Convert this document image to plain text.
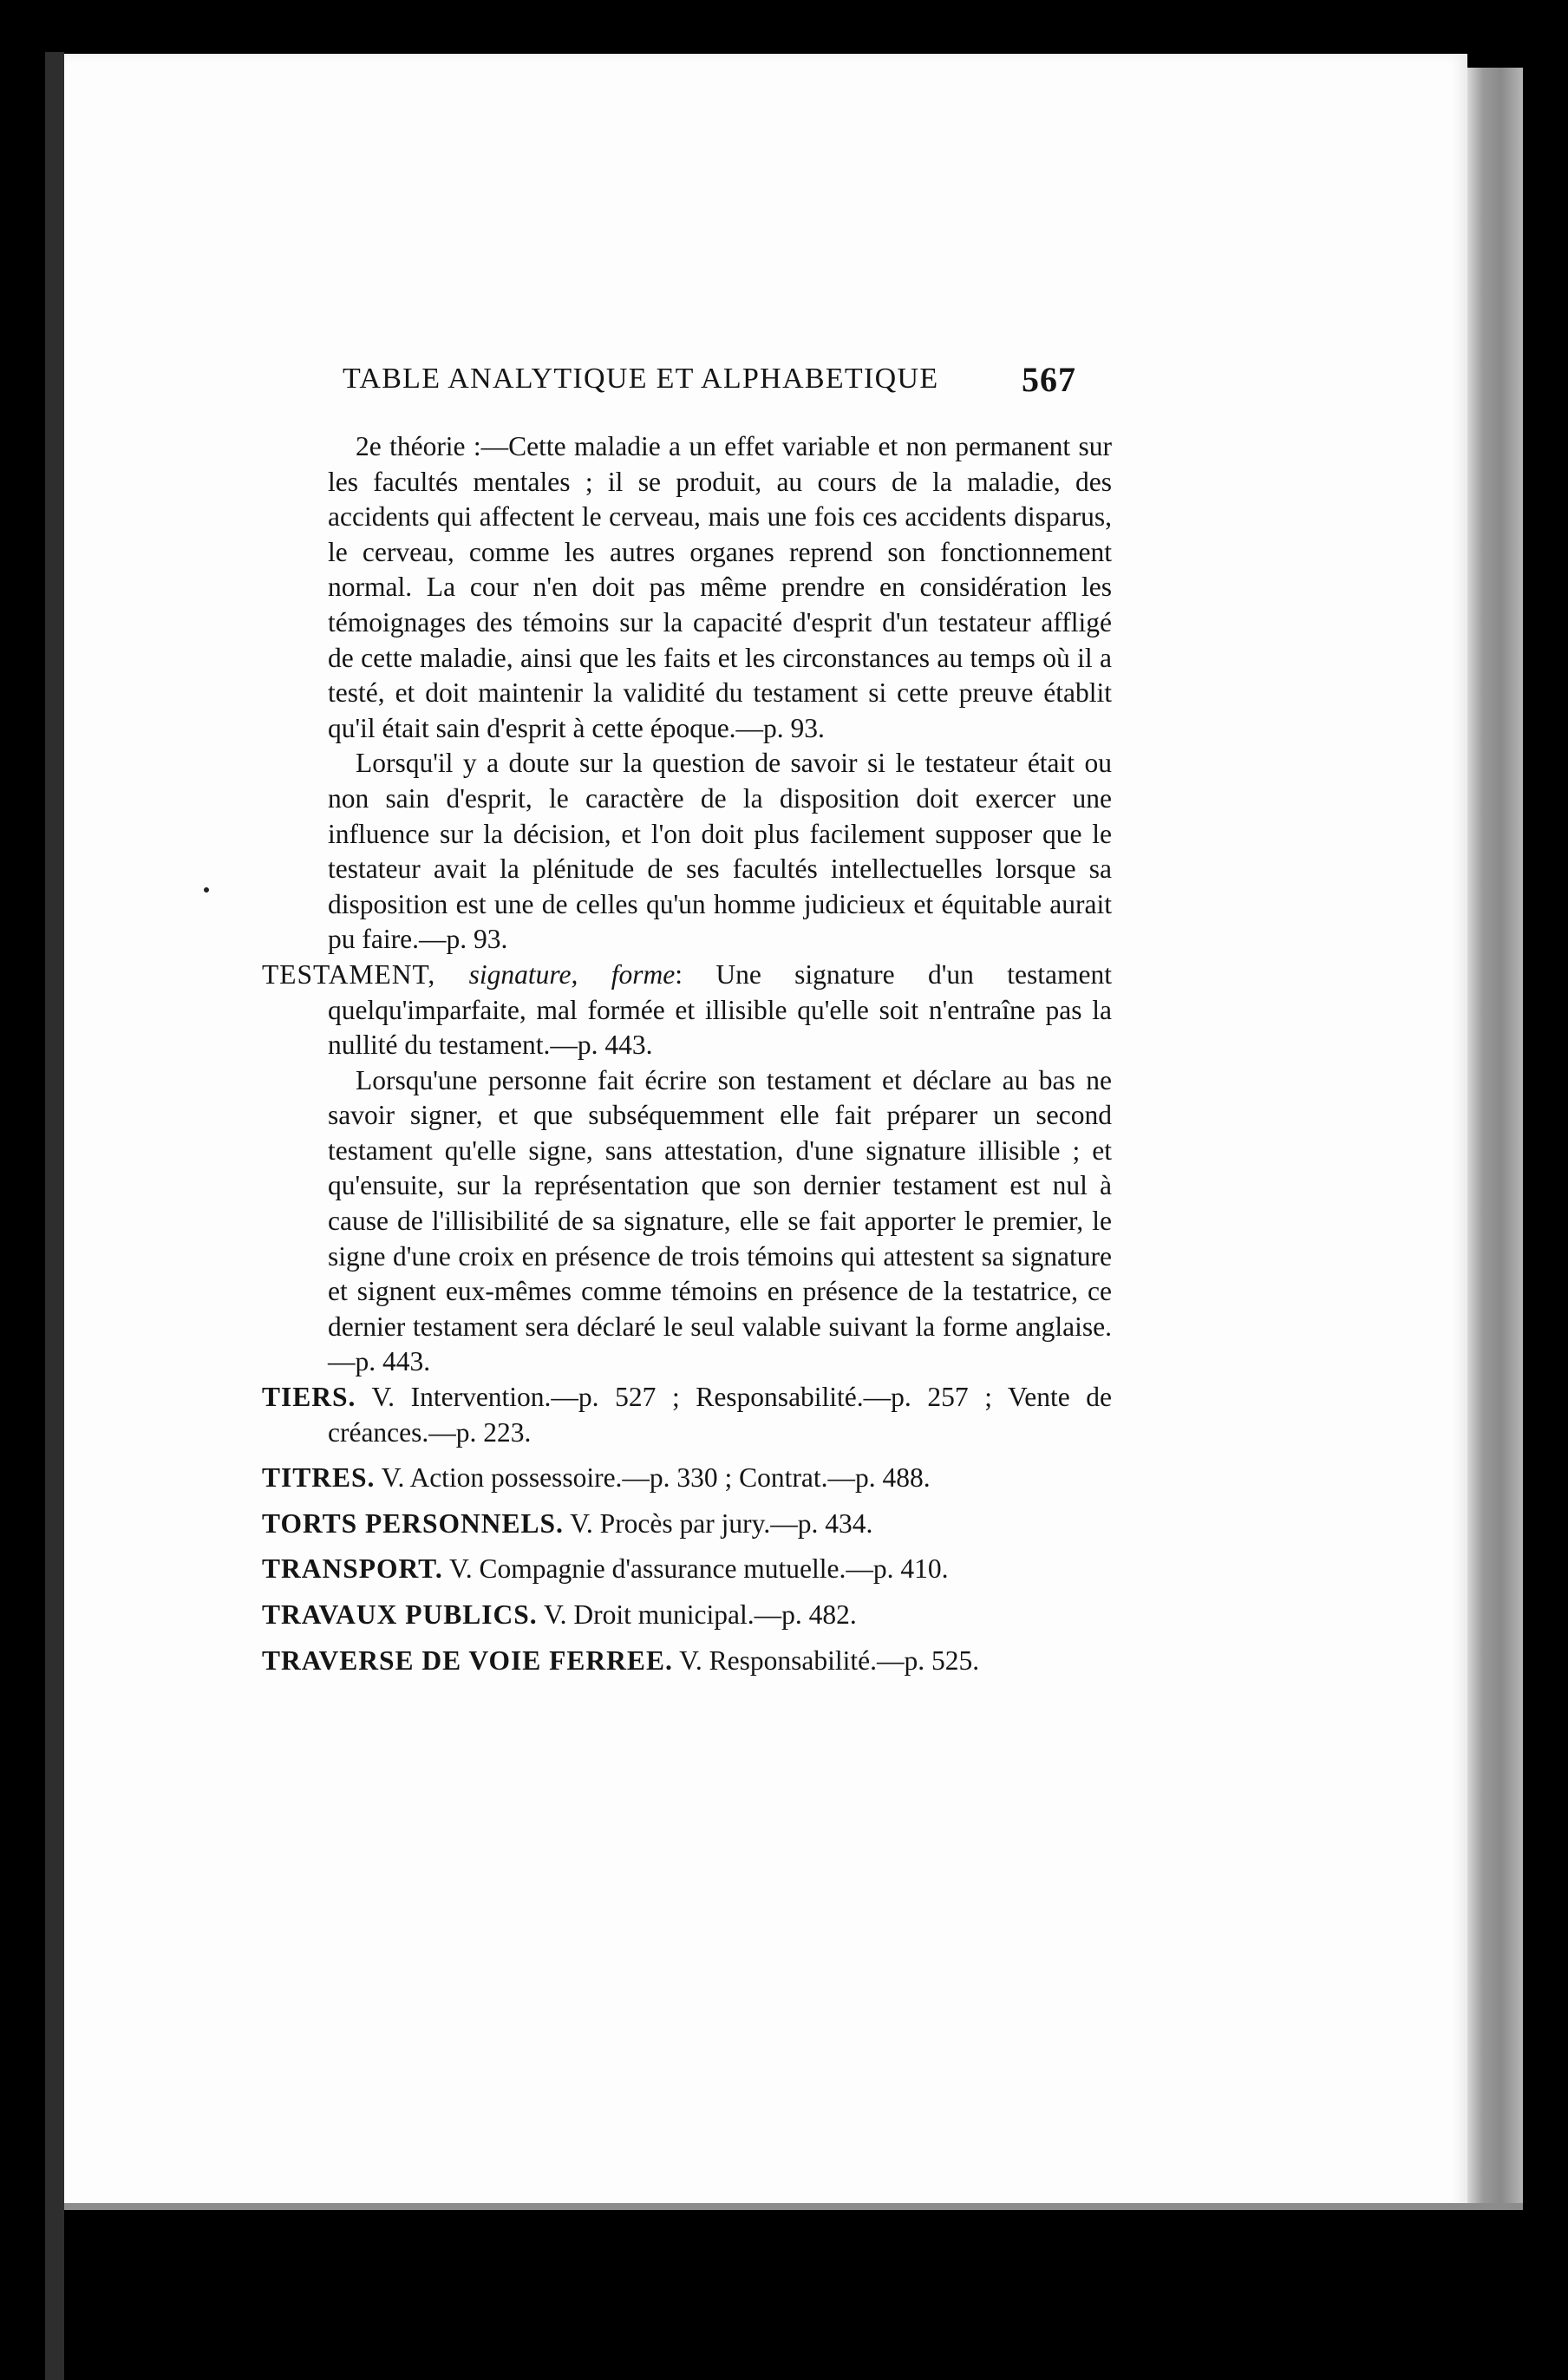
TABLE ANALYTIQUE ET ALPHABETIQUE	567

2e théorie :—Cette maladie a un effet variable et non permanent sur les facultés mentales ; il se produit, au cours de la maladie, des accidents qui affectent le cerveau, mais une fois ces accidents disparus, le cerveau, comme les autres organes reprend son fonctionnement normal. La cour n'en doit pas même prendre en considération les témoignages des témoins sur la capacité d'esprit d'un testateur affligé de cette maladie, ainsi que les faits et les circonstances au temps où il a testé, et doit maintenir la validité du testament si cette preuve établit qu'il était sain d'esprit à cette époque.—p. 93.

Lorsqu'il y a doute sur la question de savoir si le testateur était ou non sain d'esprit, le caractère de la disposition doit exercer une influence sur la décision, et l'on doit plus facilement supposer que le testateur avait la plénitude de ses facultés intellectuelles lorsque sa disposition est une de celles qu'un homme judicieux et équitable aurait pu faire.—p. 93.

TESTAMENT, signature, forme: Une signature d'un testament quelqu'imparfaite, mal formée et illisible qu'elle soit n'entraîne pas la nullité du testament.—p. 443.

Lorsqu'une personne fait écrire son testament et déclare au bas ne savoir signer, et que subséquemment elle fait préparer un second testament qu'elle signe, sans attestation, d'une signature illisible ; et qu'ensuite, sur la représentation que son dernier testament est nul à cause de l'illisibilité de sa signature, elle se fait apporter le premier, le signe d'une croix en présence de trois témoins qui attestent sa signature et signent eux-mêmes comme témoins en présence de la testatrice, ce dernier testament sera déclaré le seul valable suivant la forme anglaise.—p. 443.

TIERS. V. Intervention.—p. 527 ; Responsabilité.—p. 257 ; Vente de créances.—p. 223.

TITRES. V. Action possessoire.—p. 330 ; Contrat.—p. 488.

TORTS PERSONNELS. V. Procès par jury.—p. 434.

TRANSPORT. V. Compagnie d'assurance mutuelle.—p. 410.

TRAVAUX PUBLICS. V. Droit municipal.—p. 482.

TRAVERSE DE VOIE FERREE. V. Responsabilité.—p. 525.
